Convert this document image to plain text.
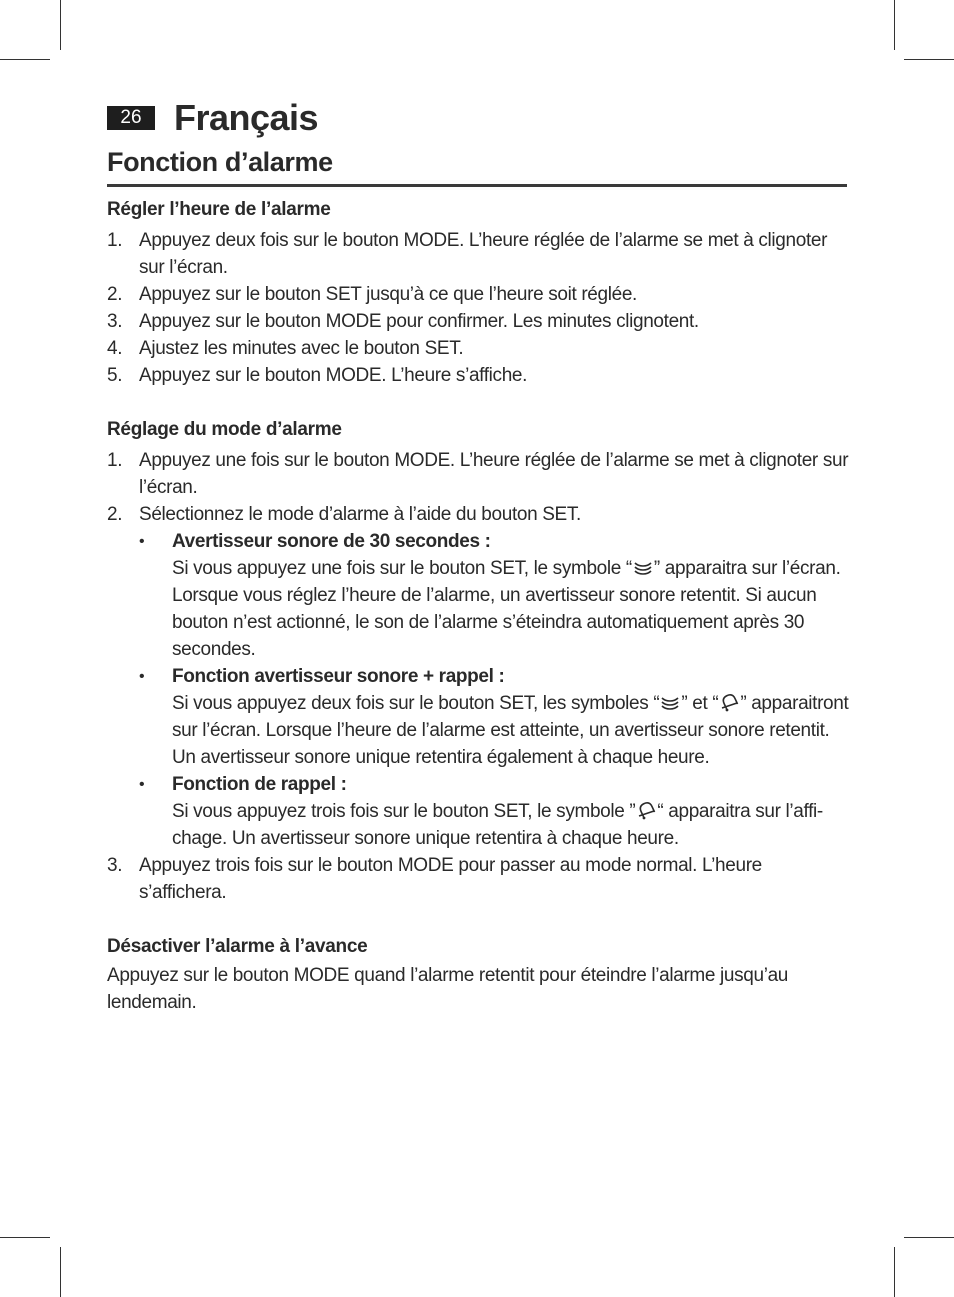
26 Français
Fonction d’alarme
Régler l’heure de l’alarme
1. Appuyez deux fois sur le bouton MODE. L’heure réglée de l’alarme se met à clignoter sur l’écran.
2. Appuyez sur le bouton SET jusqu’à ce que l’heure soit réglée.
3. Appuyez sur le bouton MODE pour confirmer. Les minutes clignotent.
4. Ajustez les minutes avec le bouton SET.
5. Appuyez sur le bouton MODE. L’heure s’affiche.
Réglage du mode d’alarme
1. Appuyez une fois sur le bouton MODE. L’heure réglée de l’alarme se met à clignoter sur l’écran.
2. Sélectionnez le mode d’alarme à l’aide du bouton SET.
• Avertisseur sonore de 30 secondes :

Si vous appuyez une fois sur le bouton SET, le symbole “ ” apparaitra sur l’écran. Lorsque vous réglez l’heure de l’alarme, un avertisseur sonore retentit. Si aucun bouton n’est actionné, le son de l’alarme s’éteindra automatiquement après 30 secondes.

• Fonction avertisseur sonore + rappel :

Si vous appuyez deux fois sur le bouton SET, les symboles “ ” et “ ” apparaitront sur l’écran. Lorsque l’heure de l’alarme est atteinte, un avertisseur sonore retentit. Un avertisseur sonore unique retentira également à chaque heure.

• Fonction de rappel :

Si vous appuyez trois fois sur le bouton SET, le symbole ” “ apparaitra sur l’affichage. Un avertisseur sonore unique retentira à chaque heure.

3. Appuyez trois fois sur le bouton MODE pour passer au mode normal. L’heure s’affichera.
Désactiver l’alarme à l’avance

Appuyez sur le bouton MODE quand l’alarme retentit pour éteindre l’alarme jusqu’au lendemain.
